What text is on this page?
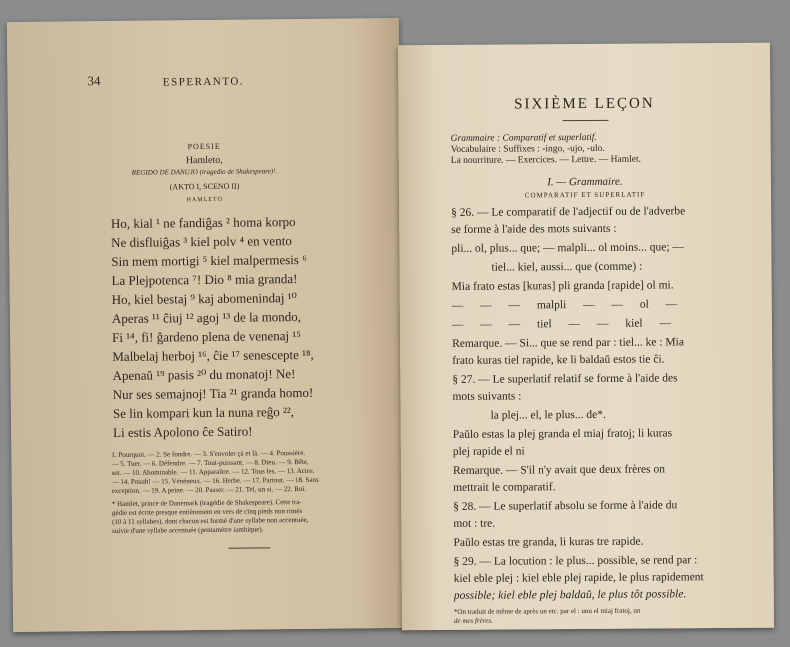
34	ESPERANTO.
POESIE
Hamleto,
REGIDO DE DANUJO (tragedio de Shakespeare)¹.
(AKTO I, SCENO II)
HAMLETO
Ho, kial ¹ ne fandiĝas ² homa korpo
Ne disfluiĝas ³ kiel polv ⁴ en vento
Sin mem mortigi ⁵ kiel malpermesis ⁶
La Plejpotenca ⁷! Dio ⁸ mia granda!
Ho, kiel bestaj ⁹ kaj abomenindaj ¹⁰
Aperas ¹¹ ĉiuj ¹² agoj ¹³ de la mondo,
Fi ¹⁴, fi! ĝardeno plena de venenaj ¹⁵
Malbelaj herboj ¹⁶, ĉie ¹⁷ senescepte ¹⁸,
Apenaŭ ¹⁹ pasis ²⁰ du monatoj! Ne!
Nur ses semajnoj! Tia ²¹ granda homo!
Se lin kompari kun la nuna reĝo ²²,
Li estis Apolono ĉe Satiro!
1. Pourquoi. — 2. Se fondre. — 3. S'envoler çà et là. — 4. Poussière.
— 5. Tuer. — 6. Défendre. — 7. Tout-puissant. — 8. Dieu. — 9. Bête,
sot. — 10. Abominable. — 11. Apparaître. — 12. Tous les. — 13. Actes.
— 14. Pouah! — 15. Vénéneux. — 16. Herbe. — 17. Partout. — 18. Sans
exception. — 19. A peine. — 20. Passer. — 21. Tel, un si. — 22. Roi.
* Hamlet, prince de Danemark (tragédie de Shakespeare). Cette tra-
gédie est écrite presque entièrement en vers de cinq pieds non rimés
(10 à 11 syllabes), dont chacun est formé d'une syllabe non accentuée,
suivie d'une syllabe accentuée (pentamètre iambique).
SIXIÈME LEÇON
Grammaire : Comparatif et superlatif.
Vocabulaire : Suffixes : -ingo, -ujo, -ulo.
La nourriture. — Exercices. — Lettre. — Hamlet.
I. — Grammaire.
COMPARATIF ET SUPERLATIF
§ 26. — Le comparatif de l'adjectif ou de l'adverbe
se forme à l'aide des mots suivants :
pli... ol, plus... que; — malpli... ol moins... que; —
tiel... kiel, aussi... que (comme) :
Mia frato estas [kuras] pli granda [rapide] ol mi.
— — — malpli — — ol —
— — — tiel — — kiel —
Remarque. — Si... que se rend par : tiel... ke : Mia
frato kuras tiel rapide, ke li baldaŭ estos tie ĉi.
§ 27. — Le superlatif relatif se forme à l'aide des
mots suivants :
la plej... el, le plus... de*.
Paŭlo estas la plej granda el miaj fratoj; li kuras
plej rapide el ni
Remarque. — S'il n'y avait que deux frères on
mettrait le comparatif.
§ 28. — Le superlatif absolu se forme à l'aide du
mot : tre.
Paŭlo estas tre granda, li kuras tre rapide.
§ 29. — La locution : le plus... possible, se rend par :
kiel eble plej : kiel eble plej rapide, le plus rapidement
possible; kiel eble plej baldaŭ, le plus tôt possible.
*On traduit de même de après un etc. par el : unu el miaj fratoj, un
de mes frères.
